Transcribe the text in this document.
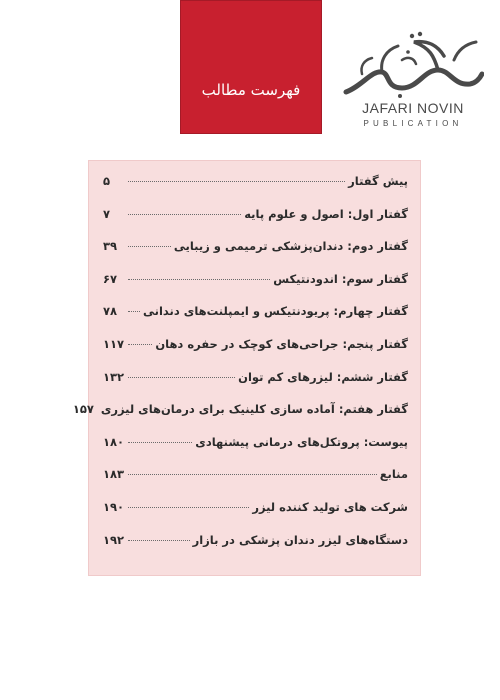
فهرست مطالب
JAFARI NOVIN
PUBLICATION
پیش گفتار
۵
گفتار اول: اصول و علوم پایه
۷
گفتار دوم: دندان‌پزشکی ترمیمی و زیبایی
۳۹
گفتار سوم: اندودنتیکس
۶۷
گفتار چهارم: پریودنتیکس و ایمپلنت‌های دندانی
۷۸
گفتار پنجم: جراحی‌های کوچک در حفره دهان
۱۱۷
گفتار ششم: لیزرهای کم توان
۱۳۲
گفتار هفتم: آماده سازی کلینیک برای درمان‌های لیزری
۱۵۷
پیوست: پروتکل‌های درمانی پیشنهادی
۱۸۰
منابع
۱۸۳
شرکت های تولید کننده لیزر
۱۹۰
دستگاه‌های لیزر دندان پزشکی در بازار
۱۹۲
